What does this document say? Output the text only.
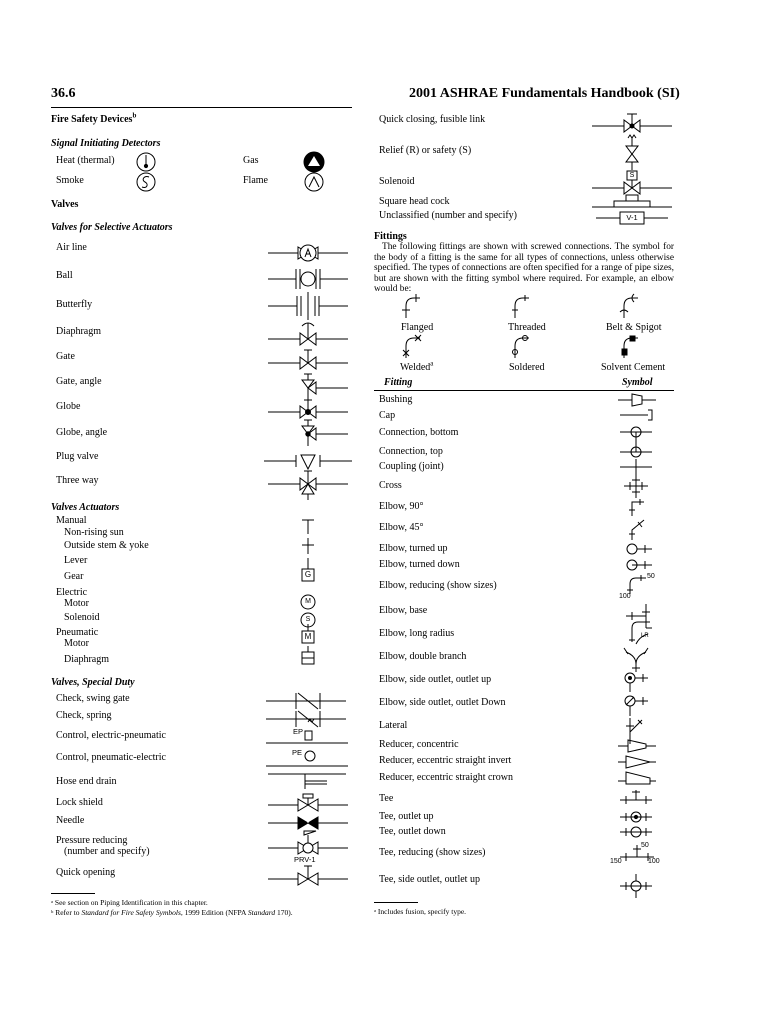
36.6	2001 ASHRAE Fundamentals Handbook (SI)
Fire Safety Devices$^b$
Signal Initiating Detectors
Heat (thermal)	Gas
Smoke	Flame
Valves
Valves for Selective Actuators
Air line
Ball
Butterfly
Diaphragm
Gate
Gate, angle
Globe
Globe, angle
Plug valve
Three way
Valves Actuators
Manual
Non-rising sun
Outside stem & yoke
Lever
Gear
Electric
Motor
Solenoid
Pneumatic
Motor
Diaphragm
Valves, Special Duty
Check, swing gate
Check, spring
Control, electric-pneumatic
Control, pneumatic-electric
Hose end drain
Lock shield
Needle
Pressure reducing
(number and specify)
Quick opening
ᵃ See section on Piping Identification in this chapter.
ᵇ Refer to Standard for Fire Safety Symbols, 1999 Edition (NFPA Standard 170).
Quick closing, fusible link
Relief (R) or safety (S)
Solenoid
Square head cock
Unclassified (number and specify)
Fittings
The following fittings are shown with screwed connections. The symbol for the body of a fitting is the same for all types of connections, unless otherwise specified. The types of connections are often specified for a range of pipe sizes, but are shown with the fitting symbol where required. For example, an elbow would be:
Flanged	Threaded	Belt & Spigot
Welded$^a$	Soldered	Solvent Cement
Fitting	Symbol
Bushing
Cap
Connection, bottom
Connection, top
Coupling (joint)
Cross
Elbow, 90°
Elbow, 45°
Elbow, turned up
Elbow, turned down
Elbow, reducing (show sizes)
Elbow, base
Elbow, long radius
Elbow, double branch
Elbow, side outlet, outlet up
Elbow, side outlet, outlet Down
Lateral
Reducer, concentric
Reducer, eccentric straight invert
Reducer, eccentric straight crown
Tee
Tee, outlet up
Tee, outlet down
Tee, reducing (show sizes)
Tee, side outlet, outlet up
ᵃ Includes fusion, specify type.
G
M
S
M
EP
PE
PRV-1
S
V-1
50
100
LR
50
150	100
